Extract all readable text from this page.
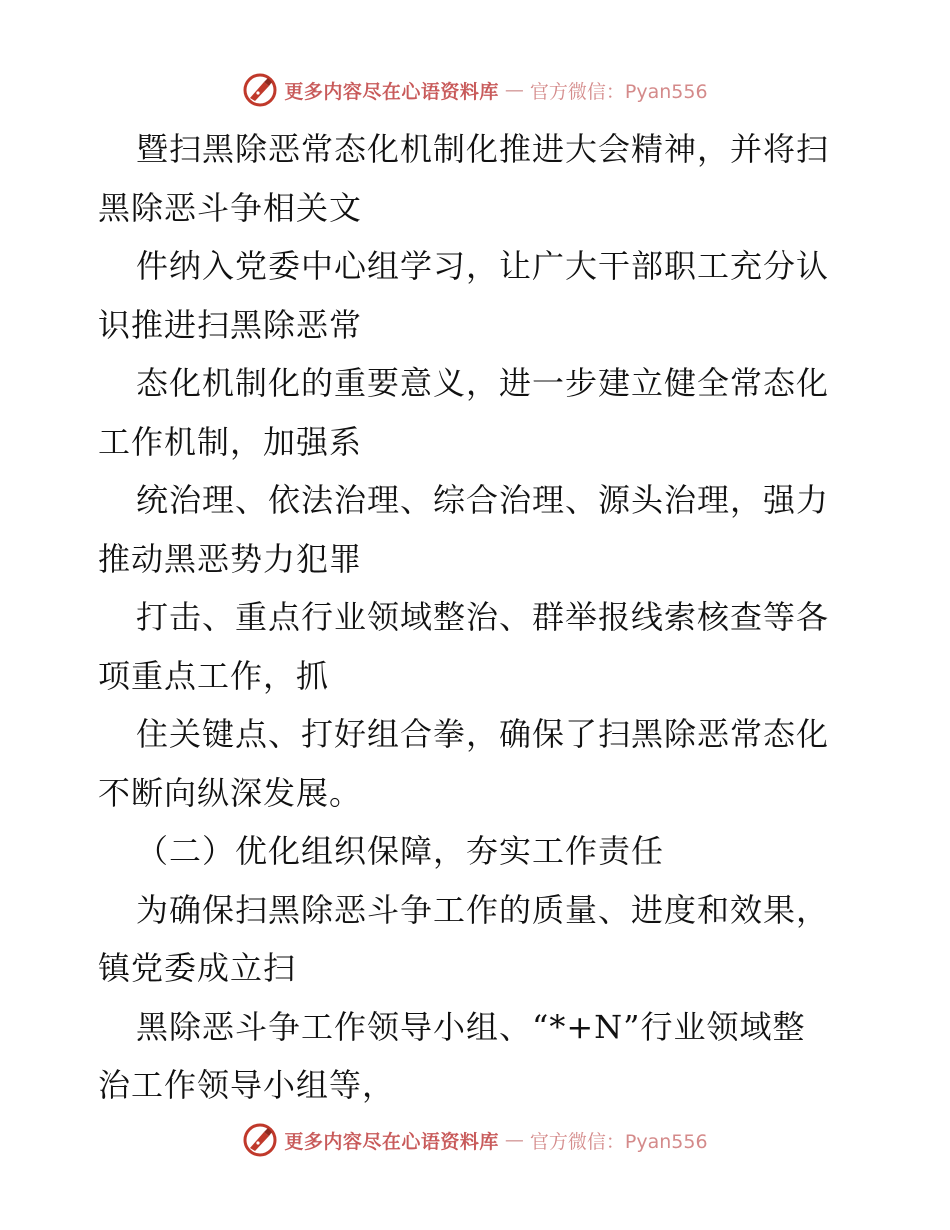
更多内容尽在心语资料库 — 官方微信：Pyan556
暨扫黑除恶常态化机制化推进大会精神，并将扫
黑除恶斗争相关文
件纳入党委中心组学习，让广大干部职工充分认
识推进扫黑除恶常
态化机制化的重要意义，进一步建立健全常态化
工作机制，加强系
统治理、依法治理、综合治理、源头治理，强力
推动黑恶势力犯罪
打击、重点行业领域整治、群举报线索核查等各
项重点工作，抓
住关键点、打好组合拳，确保了扫黑除恶常态化
不断向纵深发展。
（二）优化组织保障，夯实工作责任
为确保扫黑除恶斗争工作的质量、进度和效果，
镇党委成立扫
黑除恶斗争工作领导小组、“*+N”行业领域整
治工作领导小组等，
更多内容尽在心语资料库 — 官方微信：Pyan556
